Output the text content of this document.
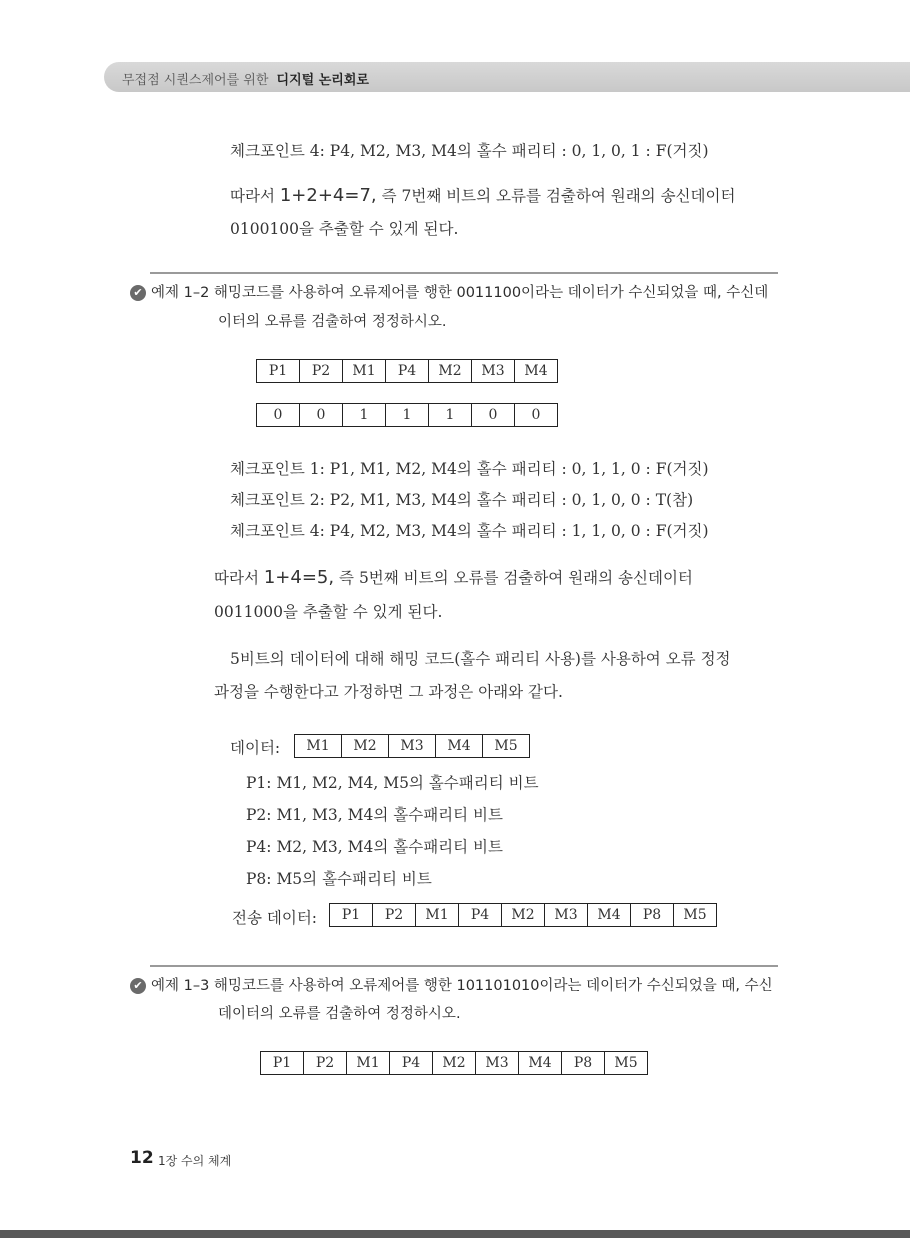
무접점 시퀀스제어를 위한 디지털 논리회로
체크포인트 4: P4, M2, M3, M4의 홀수 패리티 : 0, 1, 0, 1 : F(거짓)
따라서 1+2+4=7, 즉 7번째 비트의 오류를 검출하여 원래의 송신데이터
0100100을 추출할 수 있게 된다.
✔ 예제 1–2 해밍코드를 사용하여 오류제어를 행한 0011100이라는 데이터가 수신되었을 때, 수신데
이터의 오류를 검출하여 정정하시오.
P1	P2	M1	P4	M2	M3	M4
0	0	1	1	1	0	0
체크포인트 1: P1, M1, M2, M4의 홀수 패리티 : 0, 1, 1, 0 : F(거짓)
체크포인트 2: P2, M1, M3, M4의 홀수 패리티 : 0, 1, 0, 0 : T(참)
체크포인트 4: P4, M2, M3, M4의 홀수 패리티 : 1, 1, 0, 0 : F(거짓)
따라서 1+4=5, 즉 5번째 비트의 오류를 검출하여 원래의 송신데이터
0011000을 추출할 수 있게 된다.
5비트의 데이터에 대해 해밍 코드(홀수 패리티 사용)를 사용하여 오류 정정
과정을 수행한다고 가정하면 그 과정은 아래와 같다.
데이터:	M1	M2	M3	M4	M5
P1: M1, M2, M4, M5의 홀수패리티 비트
P2: M1, M3, M4의 홀수패리티 비트
P4: M2, M3, M4의 홀수패리티 비트
P8: M5의 홀수패리티 비트
전송 데이터:	P1	P2	M1	P4	M2	M3	M4	P8	M5
✔ 예제 1–3 해밍코드를 사용하여 오류제어를 행한 101101010이라는 데이터가 수신되었을 때, 수신
데이터의 오류를 검출하여 정정하시오.
P1	P2	M1	P4	M2	M3	M4	P8	M5
12 1장 수의 체계
